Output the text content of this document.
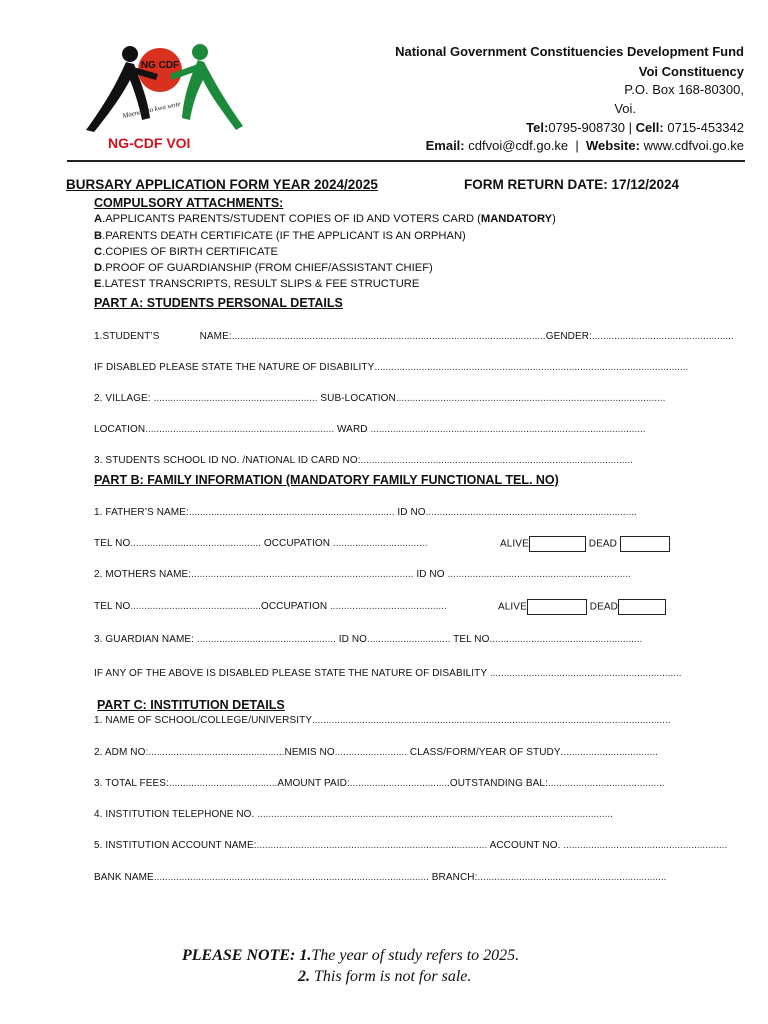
NG CDF
Maendeleo kwa wote
NG-CDF VOI
National Government Constituencies Development Fund
Voi Constituency
P.O. Box 168-80300,
Voi.
Tel:0795-908730 | Cell: 0715-453342
Email: cdfvoi@cdf.go.ke  |  Website: www.cdfvoi.go.ke
BURSARY APPLICATION FORM YEAR 2024/2025	FORM RETURN DATE: 17/12/2024
COMPULSORY ATTACHMENTS:
A.APPLICANTS PARENTS/STUDENT COPIES OF ID AND VOTERS CARD (MANDATORY)
B.PARENTS DEATH CERTIFICATE (IF THE APPLICANT IS AN ORPHAN)
C.COPIES OF BIRTH CERTIFICATE
D.PROOF OF GUARDIANSHIP (FROM CHIEF/ASSISTANT CHIEF)
E.LATEST TRANSCRIPTS, RESULT SLIPS & FEE STRUCTURE
PART A: STUDENTS PERSONAL DETAILS
1.STUDENT’S	NAME:.................................................................................................................GENDER:...................................................
IF DISABLED PLEASE STATE THE NATURE OF DISABILITY.................................................................................................................
2. VILLAGE: ........................................................... SUB-LOCATION.................................................................................................
LOCATION.................................................................... WARD ...................................................................................................
3. STUDENTS SCHOOL ID NO. /NATIONAL ID CARD NO:..................................................................................................
PART B: FAMILY INFORMATION (MANDATORY FAMILY FUNCTIONAL TEL. NO)
1. FATHER’S NAME:.......................................................................... ID NO............................................................................
TEL NO............................................... OCCUPATION ..................................	ALIVE	DEAD
2. MOTHERS NAME:................................................................................ ID NO ..................................................................
TEL NO...............................................OCCUPATION ..........................................	ALIVE	DEAD
3. GUARDIAN NAME: .................................................. ID NO.............................. TEL NO.......................................................
IF ANY OF THE ABOVE IS DISABLED PLEASE STATE THE NATURE OF DISABILITY .....................................................................
PART C: INSTITUTION DETAILS
1. NAME OF SCHOOL/COLLEGE/UNIVERSITY.................................................................................................................................
2. ADM NO:.................................................NEMIS NO.......................... CLASS/FORM/YEAR OF STUDY...................................
3. TOTAL FEES:.......................................AMOUNT PAID:....................................OUTSTANDING BAL:..........................................
4. INSTITUTION TELEPHONE NO. ................................................................................................................................
5. INSTITUTION ACCOUNT NAME:................................................................................... ACCOUNT NO. ...........................................................
BANK NAME................................................................................................... BRANCH:....................................................................
PLEASE NOTE: 1.The year of study refers to 2025.
2. This form is not for sale.
